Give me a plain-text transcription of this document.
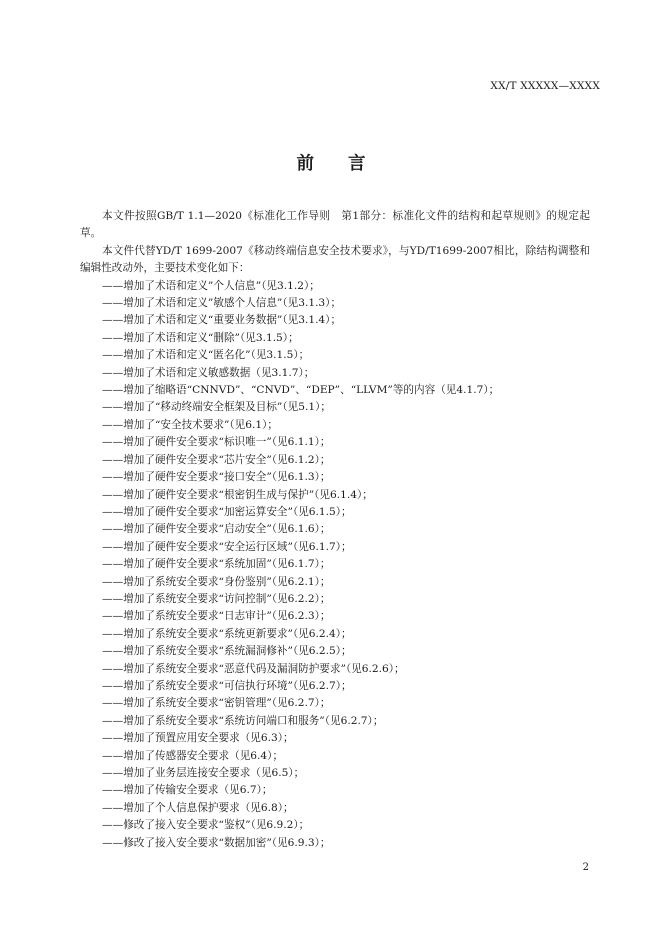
XX/T XXXXX—XXXX
前言

本文件按照GB/T 1.1—2020《标准化工作导则　第1部分：标准化文件的结构和起草规则》的规定起草。

本文件代替YD/T 1699-2007《移动终端信息安全技术要求》，与YD/T1699-2007相比，除结构调整和编辑性改动外，主要技术变化如下：

——增加了术语和定义”个人信息”（见3.1.2）；
——增加了术语和定义”敏感个人信息”（见3.1.3）；
——增加了术语和定义“重要业务数据”（见3.1.4）；
——增加了术语和定义“删除”（见3.1.5）；
——增加了术语和定义“匿名化”（见3.1.5）；
——增加了术语和定义敏感数据（见3.1.7）；
——增加了缩略语“CNNVD”、“CNVD”、“DEP”、“LLVM”等的内容（见4.1.7）；
——增加了“移动终端安全框架及目标”（见5.1）；
——增加了“安全技术要求”（见6.1）；
——增加了硬件安全要求“标识唯一”（见6.1.1）；
——增加了硬件安全要求“芯片安全”（见6.1.2）；
——增加了硬件安全要求“接口安全”（见6.1.3）；
——增加了硬件安全要求“根密钥生成与保护”（见6.1.4）；
——增加了硬件安全要求“加密运算安全”（见6.1.5）；
——增加了硬件安全要求“启动安全”（见6.1.6）；
——增加了硬件安全要求“安全运行区域”（见6.1.7）；
——增加了硬件安全要求“系统加固”（见6.1.7）；
——增加了系统安全要求“身份鉴别”（见6.2.1）；
——增加了系统安全要求“访问控制”（见6.2.2）；
——增加了系统安全要求“日志审计”（见6.2.3）；
——增加了系统安全要求“系统更新要求”（见6.2.4）；
——增加了系统安全要求“系统漏洞修补”（见6.2.5）；
——增加了系统安全要求“恶意代码及漏洞防护要求”（见6.2.6）；
——增加了系统安全要求“可信执行环境”（见6.2.7）；
——增加了系统安全要求“密钥管理”（见6.2.7）；
——增加了系统安全要求“系统访问端口和服务”（见6.2.7）；
——增加了预置应用安全要求（见6.3）；
——增加了传感器安全要求（见6.4）；
——增加了业务层连接安全要求（见6.5）；
——增加了传输安全要求（见6.7）；
——增加了个人信息保护要求（见6.8）；
——修改了接入安全要求“鉴权”（见6.9.2）；
——修改了接入安全要求“数据加密”（见6.9.3）；
2
